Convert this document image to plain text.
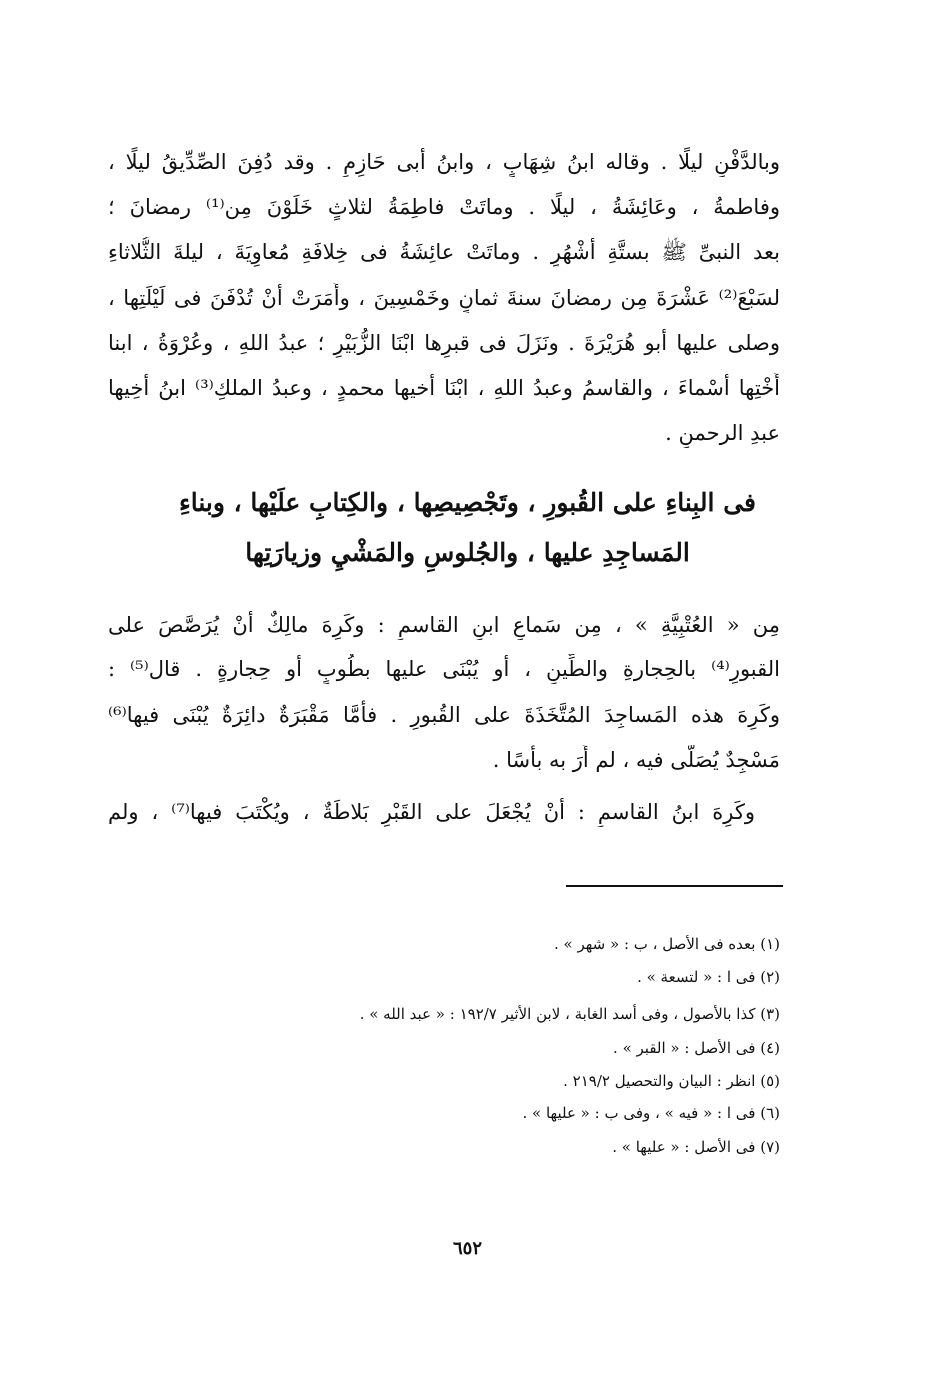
وبالدَّفْنِ ليلًا . وقاله ابنُ شِهَابٍ ، وابنُ أبى حَازِمٍ . وقد دُفِنَ الصِّدِّيقُ ليلًا ،
وفاطمةُ ، وعَائِشَةُ ، ليلًا . وماتَتْ فاطِمَةُ لثلاثٍ خَلَوْنَ مِن⁽¹⁾ رمضانَ ؛
بعد النبىِّ ﷺ بستَّةِ أشْهُرٍ . وماتَتْ عائِشَةُ فى خِلافَةِ مُعاوِيَةَ ، ليلةَ الثُّلاثاءِ
لسَبْعَ⁽²⁾ عَشْرَةَ مِن رمضانَ سنةَ ثمانٍ وخَمْسِينَ ، وأَمَرَتْ أنْ تُدْفَنَ فى لَيْلَتِها ،
وصلى عليها أبو هُرَيْرَةَ . ونَزَلَ فى قبرِها ابْنَا الزُّبَيْرِ ؛ عبدُ اللهِ ، وعُرْوَةُ ، ابنا
أُخْتِها أسْماءَ ، والقاسمُ وعبدُ اللهِ ، ابْنَا أخيها محمدٍ ، وعبدُ الملكِ⁽³⁾ ابنُ أخِيها
عبدِ الرحمنِ .
فى البِناءِ على القُبورِ ، وتَجْصِيصِها ، والكِتابِ علَيْها ، وبناءِ
المَساجِدِ عليها ، والجُلوسِ والمَشْيِ وزيارَتِها
مِن « العُتْبِيَّةِ » ، مِن سَماعِ ابنِ القاسمِ : وكَرِهَ مالِكٌ أنْ يُرَصَّصَ على
القبورِ⁽⁴⁾ بالحِجارةِ والطِّينِ ، أو يُبْنَى عليها بطُوبٍ أو حِجارةٍ . قال⁽⁵⁾ :
وكَرِهَ هذه المَساجِدَ المُتَّخَذَةَ على القُبورِ . فأمَّا مَقْبَرَةٌ دائِرَةٌ يُبْنَى فيها⁽⁶⁾
مَسْجِدٌ يُصَلَّى فيه ، لم أَرَ به بأْسًا .
وكَرِهَ ابنُ القاسمِ : أنْ يُجْعَلَ على القَبْرِ بَلاطَةٌ ، ويُكْتَبَ فيها⁽⁷⁾ ، ولم
(١) بعده فى الأصل ، ب : « شهر » .
(٢) فى ا : « لتسعة » .
(٣) كذا بالأصول ، وفى أسد الغابة ، لابن الأثير ١٩٢/٧ : « عبد الله » .
(٤) فى الأصل : « القبر » .
(٥) انظر : البيان والتحصيل ٢١٩/٢ .
(٦) فى ا : « فيه » ، وفى ب : « عليها » .
(٧) فى الأصل : « عليها » .
٦٥٢
